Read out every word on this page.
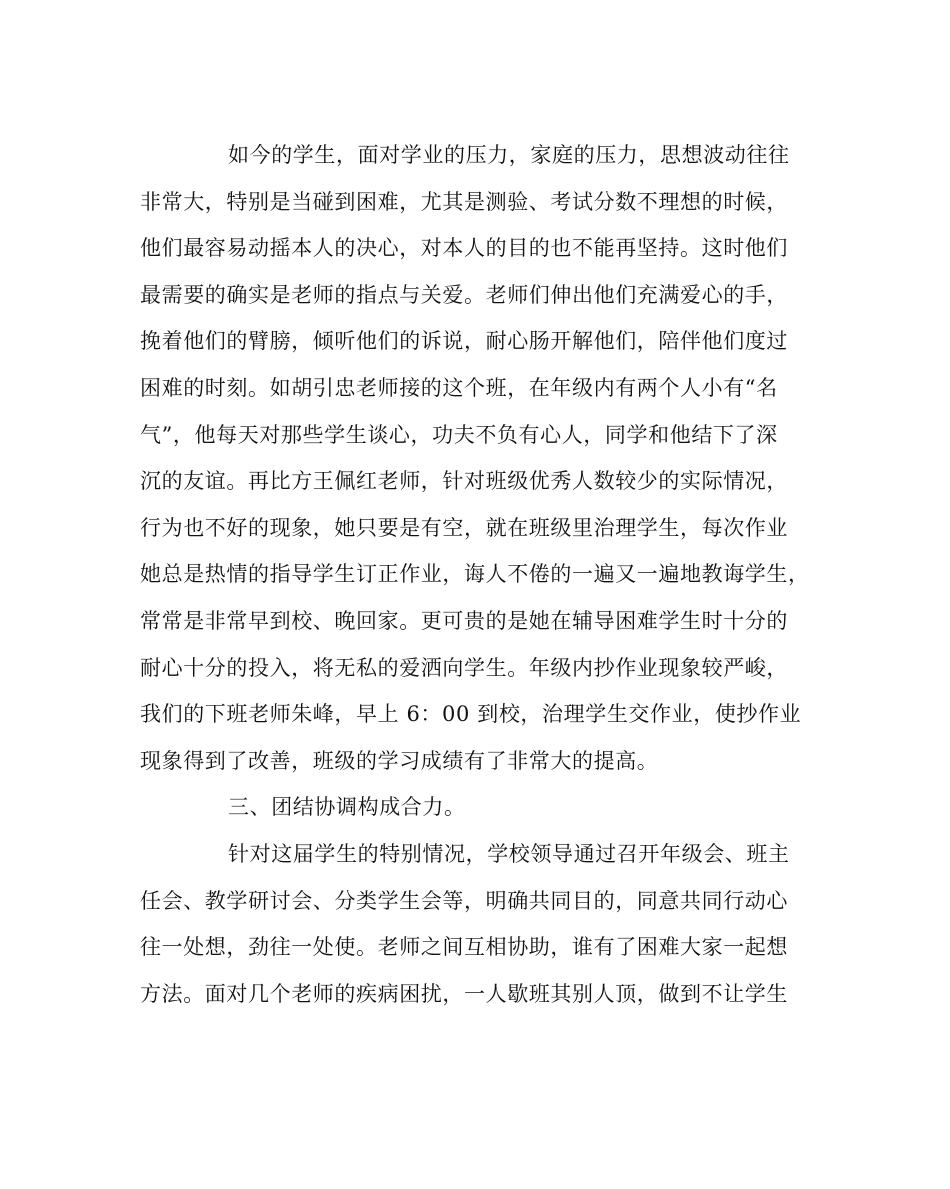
如今的学生，面对学业的压力，家庭的压力，思想波动往往
非常大，特别是当碰到困难，尤其是测验、考试分数不理想的时候，
他们最容易动摇本人的决心，对本人的目的也不能再坚持。这时他们
最需要的确实是老师的指点与关爱。老师们伸出他们充满爱心的手，
挽着他们的臂膀，倾听他们的诉说，耐心肠开解他们，陪伴他们度过
困难的时刻。如胡引忠老师接的这个班，在年级内有两个人小有“名
气”，他每天对那些学生谈心，功夫不负有心人，同学和他结下了深
沉的友谊。再比方王佩红老师，针对班级优秀人数较少的实际情况，
行为也不好的现象，她只要是有空，就在班级里治理学生，每次作业
她总是热情的指导学生订正作业，诲人不倦的一遍又一遍地教诲学生，
常常是非常早到校、晚回家。更可贵的是她在辅导困难学生时十分的
耐心十分的投入，将无私的爱洒向学生。年级内抄作业现象较严峻，
我们的下班老师朱峰，早上 6：00 到校，治理学生交作业，使抄作业
现象得到了改善，班级的学习成绩有了非常大的提高。
三、团结协调构成合力。
针对这届学生的特别情况，学校领导通过召开年级会、班主
任会、教学研讨会、分类学生会等，明确共同目的，同意共同行动心
往一处想，劲往一处使。老师之间互相协助，谁有了困难大家一起想
方法。面对几个老师的疾病困扰，一人歇班其别人顶，做到不让学生
